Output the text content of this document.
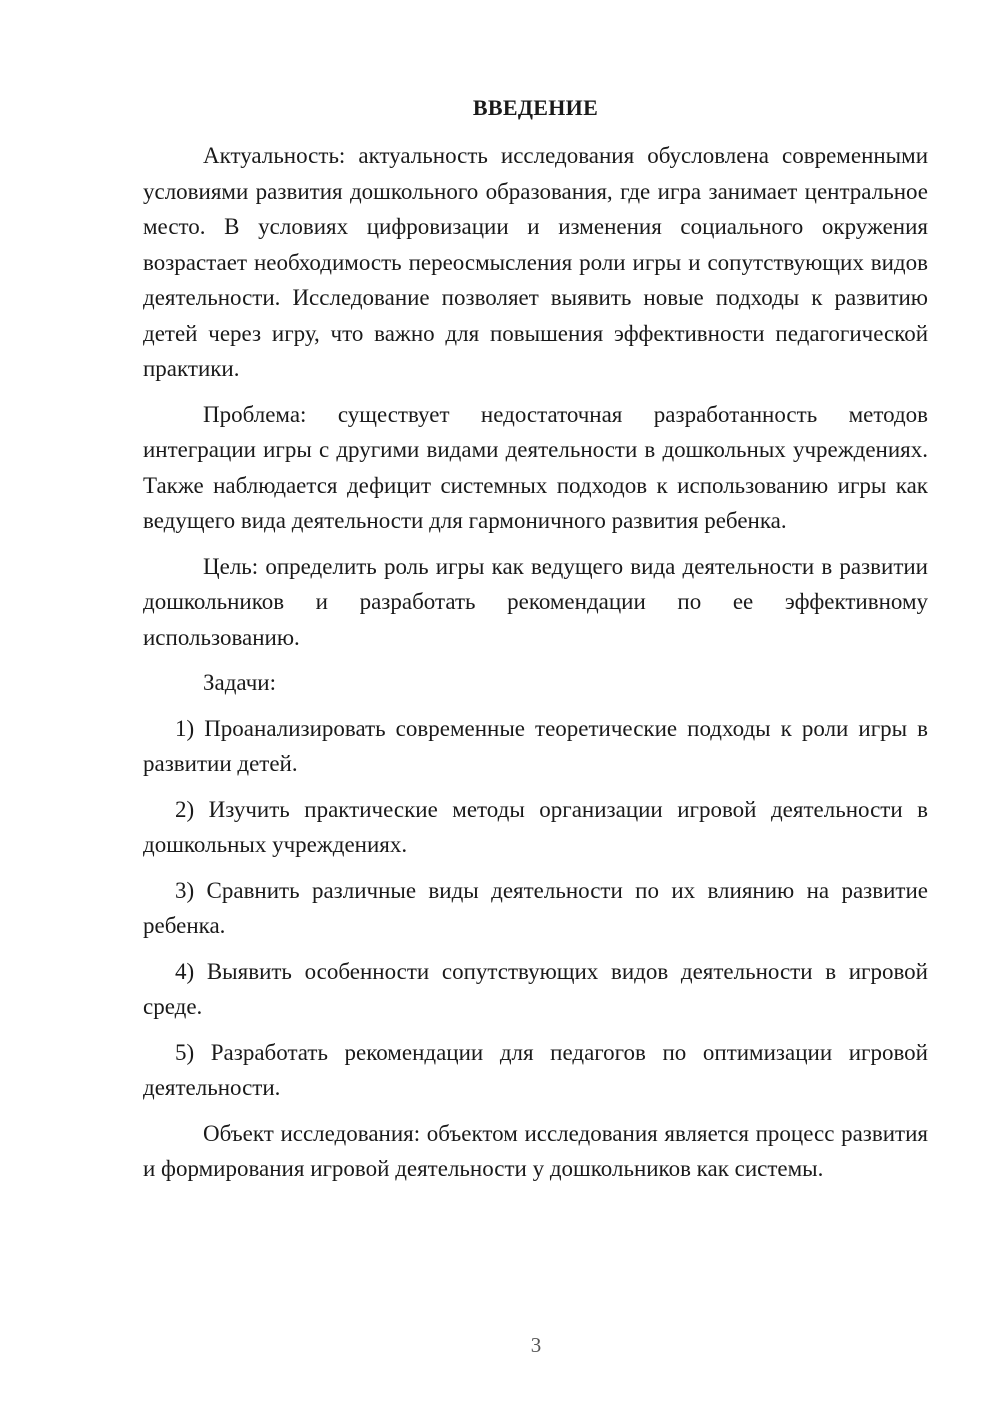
ВВЕДЕНИЕ

Актуальность: актуальность исследования обусловлена современными условиями развития дошкольного образования, где игра занимает центральное место. В условиях цифровизации и изменения социального окружения возрастает необходимость переосмысления роли игры и сопутствующих видов деятельности. Исследование позволяет выявить новые подходы к развитию детей через игру, что важно для повышения эффективности педагогической практики.

Проблема: существует недостаточная разработанность методов интеграции игры с другими видами деятельности в дошкольных учреждениях. Также наблюдается дефицит системных подходов к использованию игры как ведущего вида деятельности для гармоничного развития ребенка.

Цель: определить роль игры как ведущего вида деятельности в развитии дошкольников и разработать рекомендации по ее эффективному использованию.

Задачи:

1) Проанализировать современные теоретические подходы к роли игры в развитии детей.

2) Изучить практические методы организации игровой деятельности в дошкольных учреждениях.

3) Сравнить различные виды деятельности по их влиянию на развитие ребенка.

4) Выявить особенности сопутствующих видов деятельности в игровой среде.

5) Разработать рекомендации для педагогов по оптимизации игровой деятельности.

Объект исследования: объектом исследования является процесс развития и формирования игровой деятельности у дошкольников как системы.

3
